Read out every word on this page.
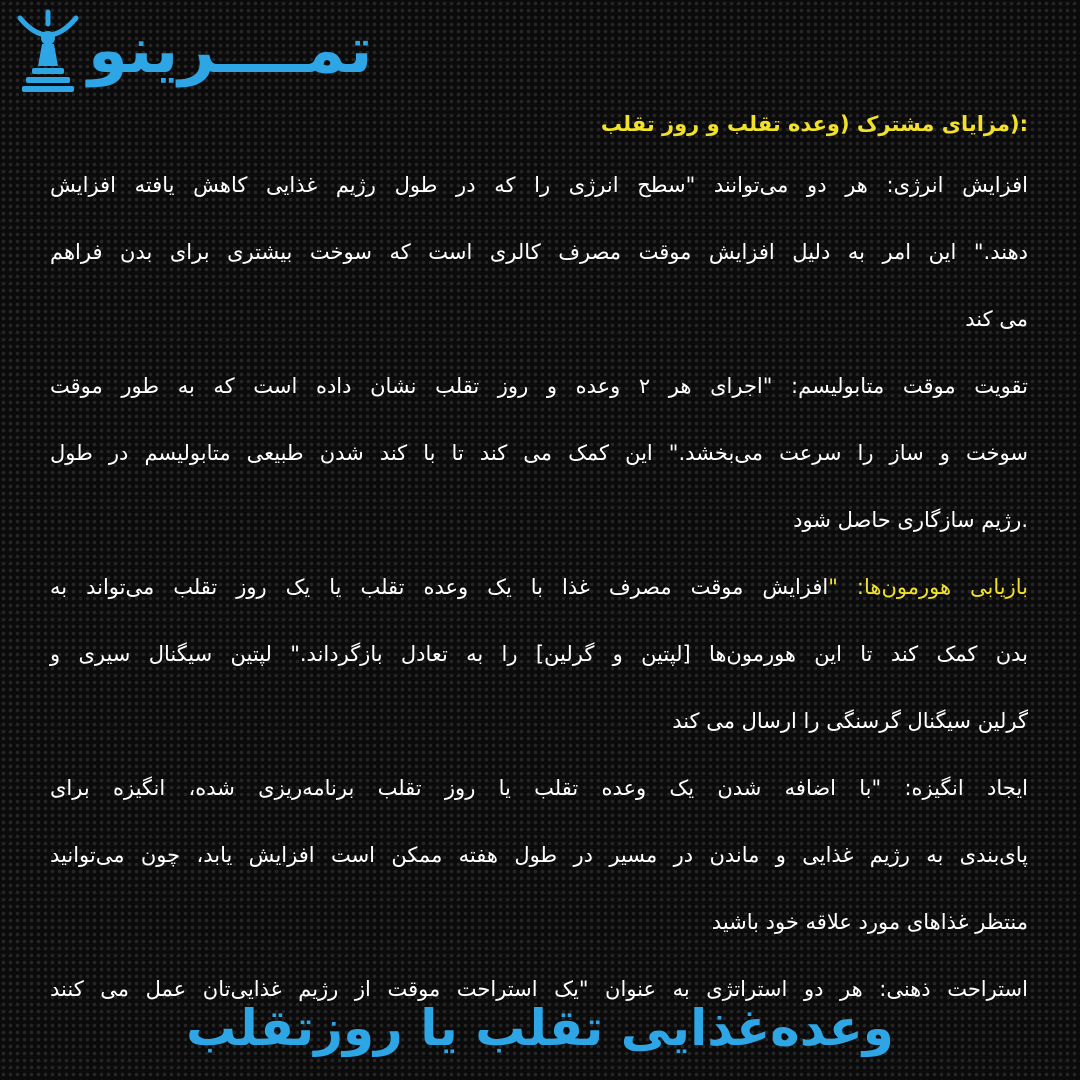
تمــــرینو
:(مزایای مشترک (وعده تقلب و روز تقلب
افزایش انرژی: هر دو می‌توانند "سطح انرژی را که در طول رژیم غذایی کاهش یافته افزایش
دهند." این امر به دلیل افزایش موقت مصرف کالری است که سوخت بیشتری برای بدن فراهم
می کند
تقویت موقت متابولیسم: "اجرای هر ۲ وعده و روز تقلب نشان داده است که به طور موقت
سوخت و ساز را سرعت می‌بخشد." این کمک می کند تا با کند شدن طبیعی متابولیسم در طول
.رژیم سازگاری حاصل شود
بازیابی هورمون‌ها: "افزایش موقت مصرف غذا با یک وعده تقلب یا یک روز تقلب می‌تواند به
بدن کمک کند تا این هورمون‌ها [لپتین و گرلین] را به تعادل بازگرداند." لپتین سیگنال سیری و
گرلین سیگنال گرسنگی را ارسال می کند
ایجاد انگیزه: "با اضافه شدن یک وعده تقلب یا روز تقلب برنامه‌ریزی شده، انگیزه برای
پای‌بندی به رژیم غذایی و ماندن در مسیر در طول هفته ممکن است افزایش یابد، چون می‌توانید
منتظر غذاهای مورد علاقه خود باشید
استراحت ذهنی: هر دو استراتژی به عنوان "یک استراحت موقت از رژیم غذایی‌تان عمل می کنند
وعده‌غذایی تقلب یا روزتقلب
